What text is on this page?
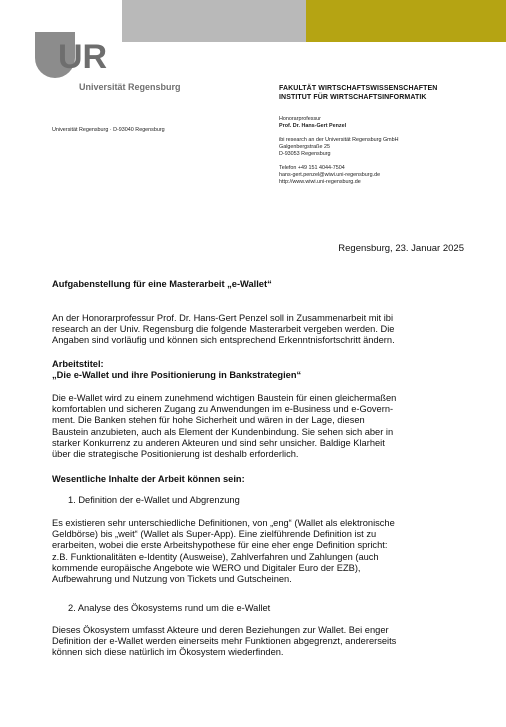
UR
Universität Regensburg	FAKULTÄT WIRTSCHAFTSWISSENSCHAFTEN
INSTITUT FÜR WIRTSCHAFTSINFORMATIK
Universität Regensburg · D-93040 Regensburg
Honorarprofessur
Prof. Dr. Hans-Gert Penzel
ibi research an der Universität Regensburg GmbH
Galgenbergstraße 25
D-93053 Regensburg
Telefon +49 151 4044-7504
hans-gert.penzel@wiwi.uni-regensburg.de
http://www.wiwi.uni-regensburg.de
Regensburg, 23. Januar 2025
Aufgabenstellung für eine Masterarbeit „e-Wallet“
An der Honorarprofessur Prof. Dr. Hans-Gert Penzel soll in Zusammenarbeit mit ibi
research an der Univ. Regensburg die folgende Masterarbeit vergeben werden. Die
Angaben sind vorläufig und können sich entsprechend Erkenntnisfortschritt ändern.
Arbeitstitel:
„Die e-Wallet und ihre Positionierung in Bankstrategien“
Die e-Wallet wird zu einem zunehmend wichtigen Baustein für einen gleichermaßen
komfortablen und sicheren Zugang zu Anwendungen im e-Business und e-Govern-
ment. Die Banken stehen für hohe Sicherheit und wären in der Lage, diesen
Baustein anzubieten, auch als Element der Kundenbindung. Sie sehen sich aber in
starker Konkurrenz zu anderen Akteuren und sind sehr unsicher. Baldige Klarheit
über die strategische Positionierung ist deshalb erforderlich.
Wesentliche Inhalte der Arbeit können sein:
1. Definition der e-Wallet und Abgrenzung
Es existieren sehr unterschiedliche Definitionen, von „eng“ (Wallet als elektronische
Geldbörse) bis „weit“ (Wallet als Super-App). Eine zielführende Definition ist zu
erarbeiten, wobei die erste Arbeitshypothese für eine eher enge Definition spricht:
z.B. Funktionalitäten e-Identity (Ausweise), Zahlverfahren und Zahlungen (auch
kommende europäische Angebote wie WERO und Digitaler Euro der EZB),
Aufbewahrung und Nutzung von Tickets und Gutscheinen.
2. Analyse des Ökosystems rund um die e-Wallet
Dieses Ökosystem umfasst Akteure und deren Beziehungen zur Wallet. Bei enger
Definition der e-Wallet werden einerseits mehr Funktionen abgegrenzt, andererseits
können sich diese natürlich im Ökosystem wiederfinden.
